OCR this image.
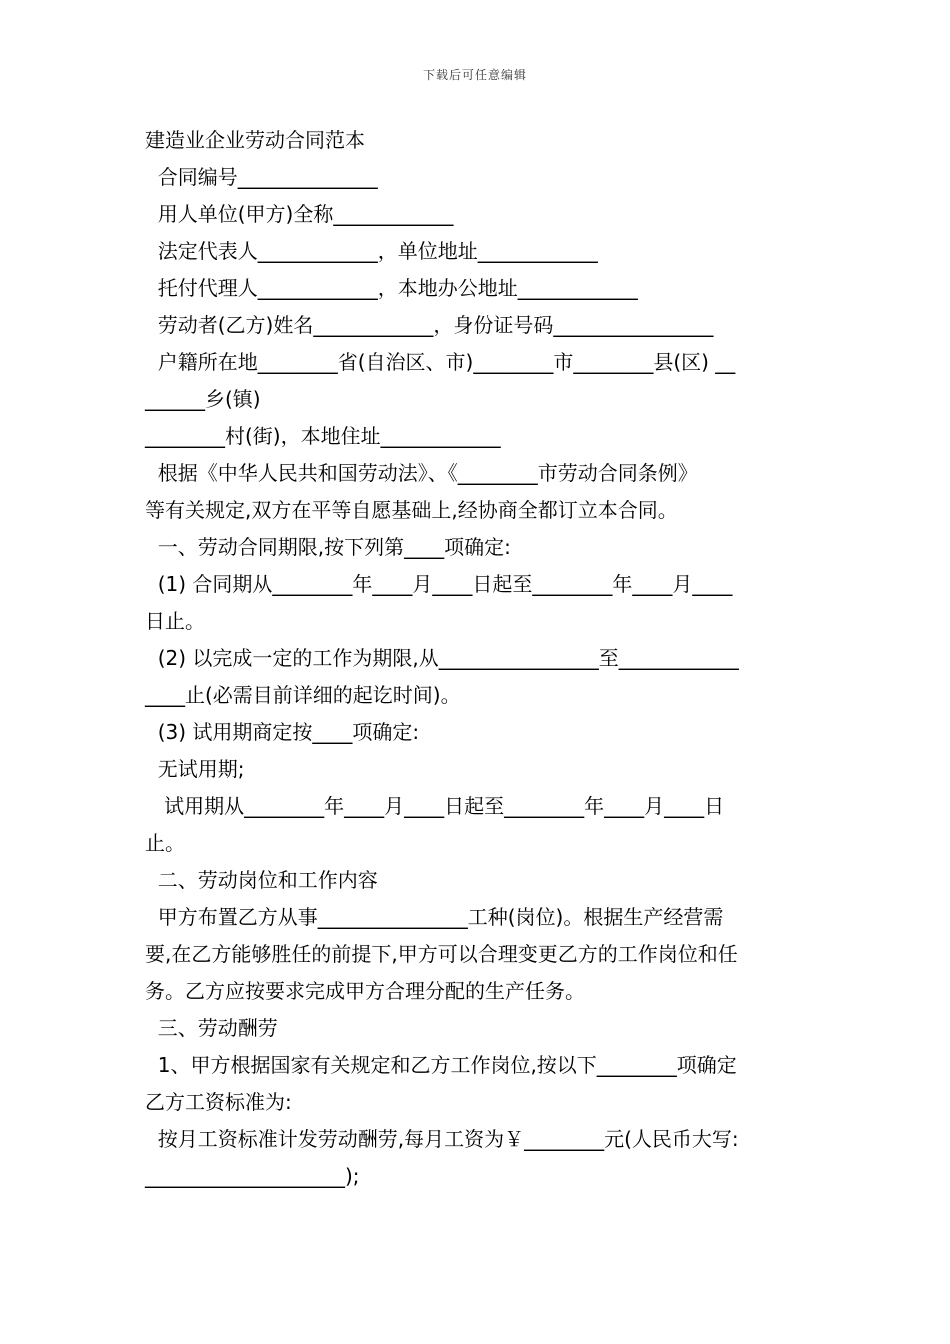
下载后可任意编辑
建造业企业劳动合同范本
合同编号______________
用人单位(甲方)全称____________
法定代表人____________，单位地址____________
托付代理人____________，本地办公地址____________
劳动者(乙方)姓名____________，身份证号码________________
户籍所在地________省(自治区、市)________市________县(区) __
______乡(镇)
________村(街)，本地住址____________
根据《中华人民共和国劳动法》、《________市劳动合同条例》
等有关规定,双方在平等自愿基础上,经协商全都订立本合同。
一、劳动合同期限,按下列第____项确定:
(1) 合同期从________年____月____日起至________年____月____
日止。
(2) 以完成一定的工作为期限,从________________至____________
____止(必需目前详细的起讫时间)。
(3) 试用期商定按____项确定:
无试用期;
试用期从________年____月____日起至________年____月____日
止。
二、劳动岗位和工作内容
甲方布置乙方从事_______________工种(岗位)。根据生产经营需
要,在乙方能够胜任的前提下,甲方可以合理变更乙方的工作岗位和任
务。乙方应按要求完成甲方合理分配的生产任务。
三、劳动酬劳
1、甲方根据国家有关规定和乙方工作岗位,按以下________项确定
乙方工资标准为:
按月工资标准计发劳动酬劳,每月工资为￥________元(人民币大写:
____________________);
